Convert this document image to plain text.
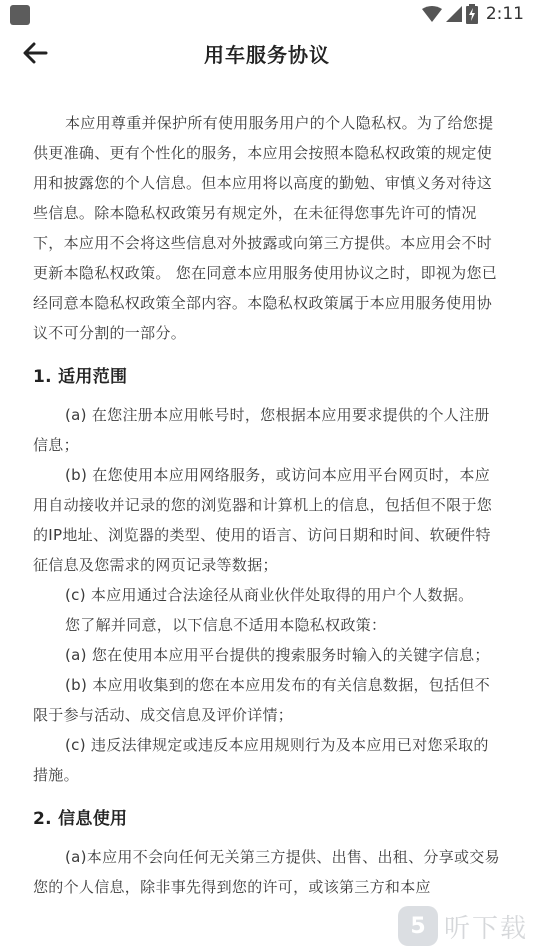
2:11
用车服务协议

本应用尊重并保护所有使用服务用户的个人隐私权。为了给您提供更准确、更有个性化的服务，本应用会按照本隐私权政策的规定使用和披露您的个人信息。但本应用将以高度的勤勉、审慎义务对待这些信息。除本隐私权政策另有规定外，在未征得您事先许可的情况下，本应用不会将这些信息对外披露或向第三方提供。本应用会不时更新本隐私权政策。 您在同意本应用服务使用协议之时，即视为您已经同意本隐私权政策全部内容。本隐私权政策属于本应用服务使用协议不可分割的一部分。

1. 适用范围

(a) 在您注册本应用帐号时，您根据本应用要求提供的个人注册信息；

(b) 在您使用本应用网络服务，或访问本应用平台网页时，本应用自动接收并记录的您的浏览器和计算机上的信息，包括但不限于您的IP地址、浏览器的类型、使用的语言、访问日期和时间、软硬件特征信息及您需求的网页记录等数据；

(c) 本应用通过合法途径从商业伙伴处取得的用户个人数据。

您了解并同意，以下信息不适用本隐私权政策：

(a) 您在使用本应用平台提供的搜索服务时输入的关键字信息；

(b) 本应用收集到的您在本应用发布的有关信息数据，包括但不限于参与活动、成交信息及评价详情；

(c) 违反法律规定或违反本应用规则行为及本应用已对您采取的措施。

2. 信息使用

(a)本应用不会向任何无关第三方提供、出售、出租、分享或交易您的个人信息，除非事先得到您的许可，或该第三方和本应

5 听下载
